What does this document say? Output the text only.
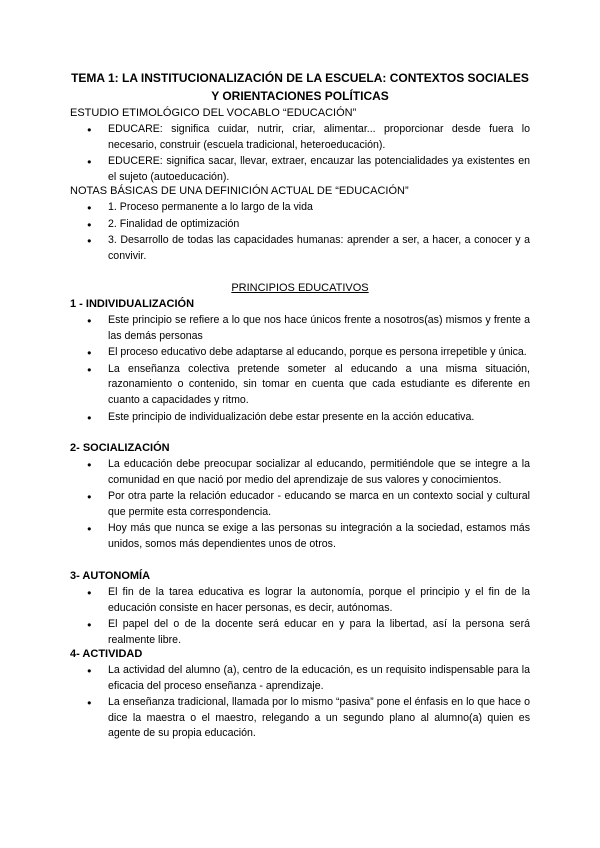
TEMA 1: LA INSTITUCIONALIZACIÓN DE LA ESCUELA: CONTEXTOS SOCIALES Y ORIENTACIONES POLÍTICAS
ESTUDIO ETIMOLÓGICO DEL VOCABLO “EDUCACIÓN”
● EDUCARE: significa cuidar, nutrir, criar, alimentar... proporcionar desde fuera lo necesario, construir (escuela tradicional, heteroeducación).
● EDUCERE: significa sacar, llevar, extraer, encauzar las potencialidades ya existentes en el sujeto (autoeducación).
NOTAS BÁSICAS DE UNA DEFINICIÓN ACTUAL DE “EDUCACIÓN”
● 1. Proceso permanente a lo largo de la vida
● 2. Finalidad de optimización
● 3. Desarrollo de todas las capacidades humanas: aprender a ser, a hacer, a conocer y a convivir.
PRINCIPIOS EDUCATIVOS
1 - INDIVIDUALIZACIÓN
● Este principio se refiere a lo que nos hace únicos frente a nosotros(as) mismos y frente a las demás personas
● El proceso educativo debe adaptarse al educando, porque es persona irrepetible y única.
● La enseñanza colectiva pretende someter al educando a una misma situación, razonamiento o contenido, sin tomar en cuenta que cada estudiante es diferente en cuanto a capacidades y ritmo.
● Este principio de individualización debe estar presente en la acción educativa.
2- SOCIALIZACIÓN
● La educación debe preocupar socializar al educando, permitiéndole que se integre a la comunidad en que nació por medio del aprendizaje de sus valores y conocimientos.
● Por otra parte la relación educador - educando se marca en un contexto social y cultural que permite esta correspondencia.
● Hoy más que nunca se exige a las personas su integración a la sociedad, estamos más unidos, somos más dependientes unos de otros.
3- AUTONOMÍA
● El fin de la tarea educativa es lograr la autonomía, porque el principio y el fin de la educación consiste en hacer personas, es decir, autónomas.
● El papel del o de la docente será educar en y para la libertad, así la persona será realmente libre.
4- ACTIVIDAD
● La actividad del alumno (a), centro de la educación, es un requisito indispensable para la eficacia del proceso enseñanza - aprendizaje.
● La enseñanza tradicional, llamada por lo mismo “pasiva” pone el énfasis en lo que hace o dice la maestra o el maestro, relegando a un segundo plano al alumno(a) quien es agente de su propia educación.
